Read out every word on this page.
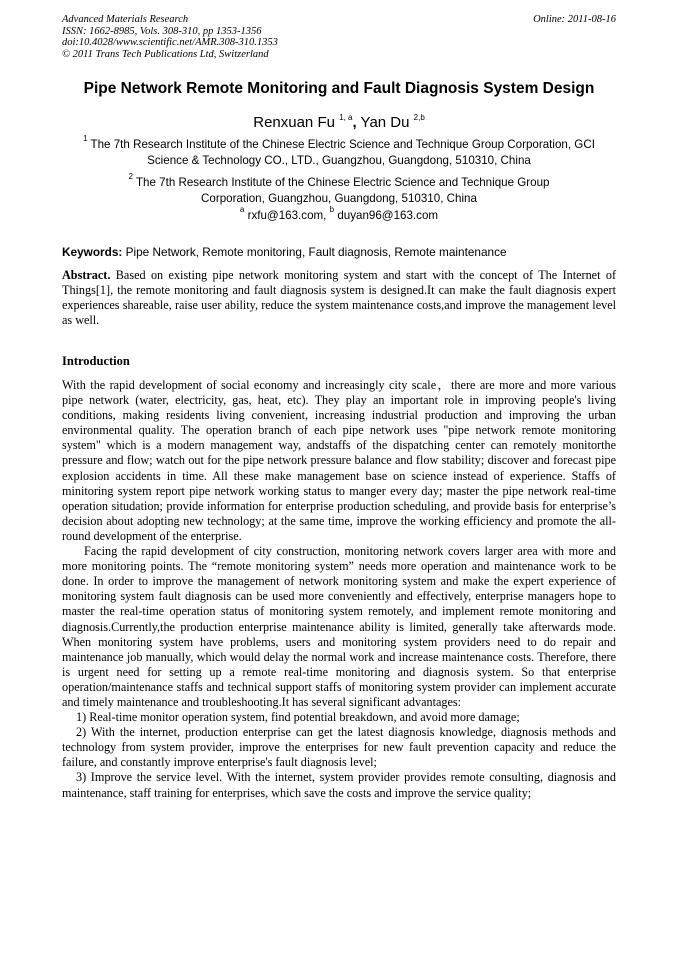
Advanced Materials Research
ISSN: 1662-8985, Vols. 308-310, pp 1353-1356
doi:10.4028/www.scientific.net/AMR.308-310.1353
© 2011 Trans Tech Publications Ltd, Switzerland
Online: 2011-08-16
Pipe Network Remote Monitoring and Fault Diagnosis System Design
Renxuan Fu $^{1, a}$, Yan Du $^{2,b}$
$^1$ The 7th Research Institute of the Chinese Electric Science and Technique Group Corporation, GCI Science & Technology CO., LTD., Guangzhou, Guangdong, 510310, China
$^2$ The 7th Research Institute of the Chinese Electric Science and Technique Group Corporation, Guangzhou, Guangdong, 510310, China
$^a$ rxfu@163.com, $^b$ duyan96@163.com
Keywords: Pipe Network, Remote monitoring, Fault diagnosis, Remote maintenance

Abstract. Based on existing pipe network monitoring system and start with the concept of The Internet of Things[1], the remote monitoring and fault diagnosis system is designed.It can make the fault diagnosis expert experiences shareable, raise user ability, reduce the system maintenance costs,and improve the management level as well.

Introduction

With the rapid development of social economy and increasingly city scale，there are more and more various pipe network (water, electricity, gas, heat, etc). They play an important role in improving people's living conditions, making residents living convenient, increasing industrial production and improving the urban environmental quality. The operation branch of each pipe network uses "pipe network remote monitoring system" which is a modern management way, andstaffs of the dispatching center can remotely monitorthe pressure and flow; watch out for the pipe network pressure balance and flow stability; discover and forecast pipe explosion accidents in time. All these make management base on science instead of experience. Staffs of minitoring system report pipe network working status to manger every day; master the pipe network real-time operation situdation; provide information for enterprise production scheduling, and provide basis for enterprise’s decision about adopting new technology; at the same time, improve the working efficiency and promote the all-round development of the enterprise.

Facing the rapid development of city construction, monitoring network covers larger area with more and more monitoring points. The “remote monitoring system” needs more operation and maintenance work to be done. In order to improve the management of network monitoring system and make the expert experience of monitoring system fault diagnosis can be used more conveniently and effectively, enterprise managers hope to master the real-time operation status of monitoring system remotely, and implement remote monitoring and diagnosis.Currently,the production enterprise maintenance ability is limited, generally take afterwards mode. When monitoring system have problems, users and monitoring system providers need to do repair and maintenance job manually, which would delay the normal work and increase maintenance costs. Therefore, there is urgent need for setting up a remote real-time monitoring and diagnosis system. So that enterprise operation/maintenance staffs and technical support staffs of monitoring system provider can implement accurate and timely maintenance and troubleshooting.It has several significant advantages:

1) Real-time monitor operation system, find potential breakdown, and avoid more damage;

2) With the internet, production enterprise can get the latest diagnosis knowledge, diagnosis methods and technology from system provider, improve the enterprises for new fault prevention capacity and reduce the failure, and constantly improve enterprise's fault diagnosis level;

3) Improve the service level. With the internet, system provider provides remote consulting, diagnosis and maintenance, staff training for enterprises, which save the costs and improve the service quality;
